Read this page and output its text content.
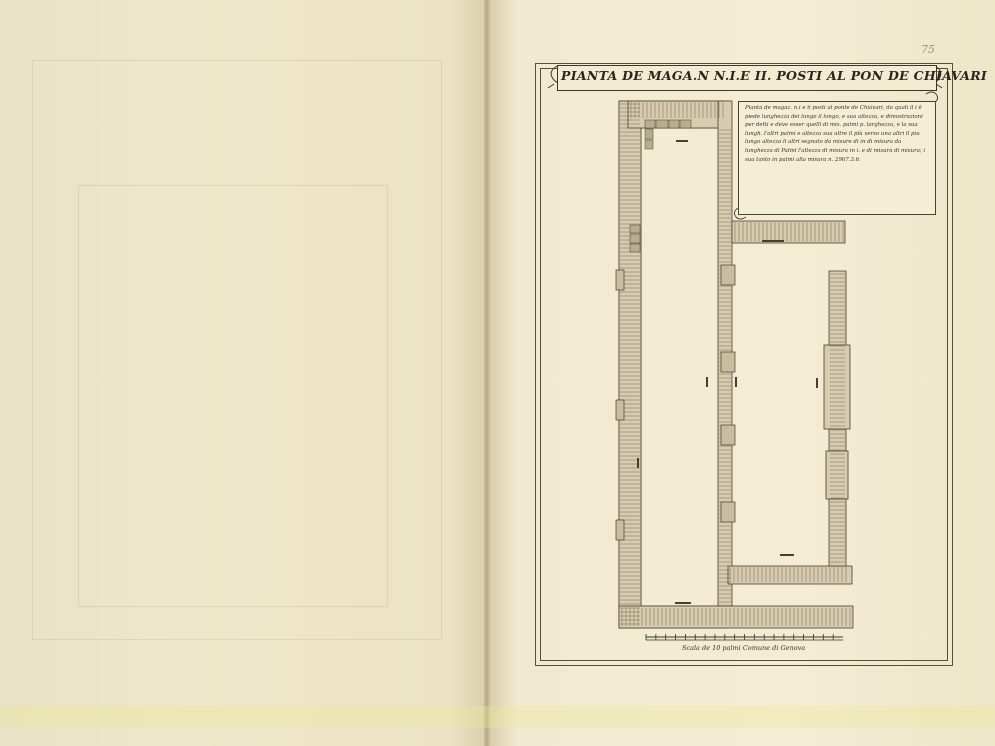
75
PIANTA DE MAGA.N N.I.E II. POSTI AL PON DE CHIAVARI
Pianta de magaz. n.i e ii posti al ponte de Chiavari, da quali il i è piede lunghezza dei lungo il longo, e sua altezza, e dimostrazioni per detti e deve esser quelli di mis. palmi p. larghezza, e la sua lungh. l'altri palmi e altezza sua altre il più verso una altri il piu lungo altezza li altri segnato da misure di in di misura da lunghezza di Palmi l'altezza di misura in i. e di misura di misura; i sua tanto in palmi alla misura n. 2967.3.6.
Scala de 10 palmi Comune di Genova
